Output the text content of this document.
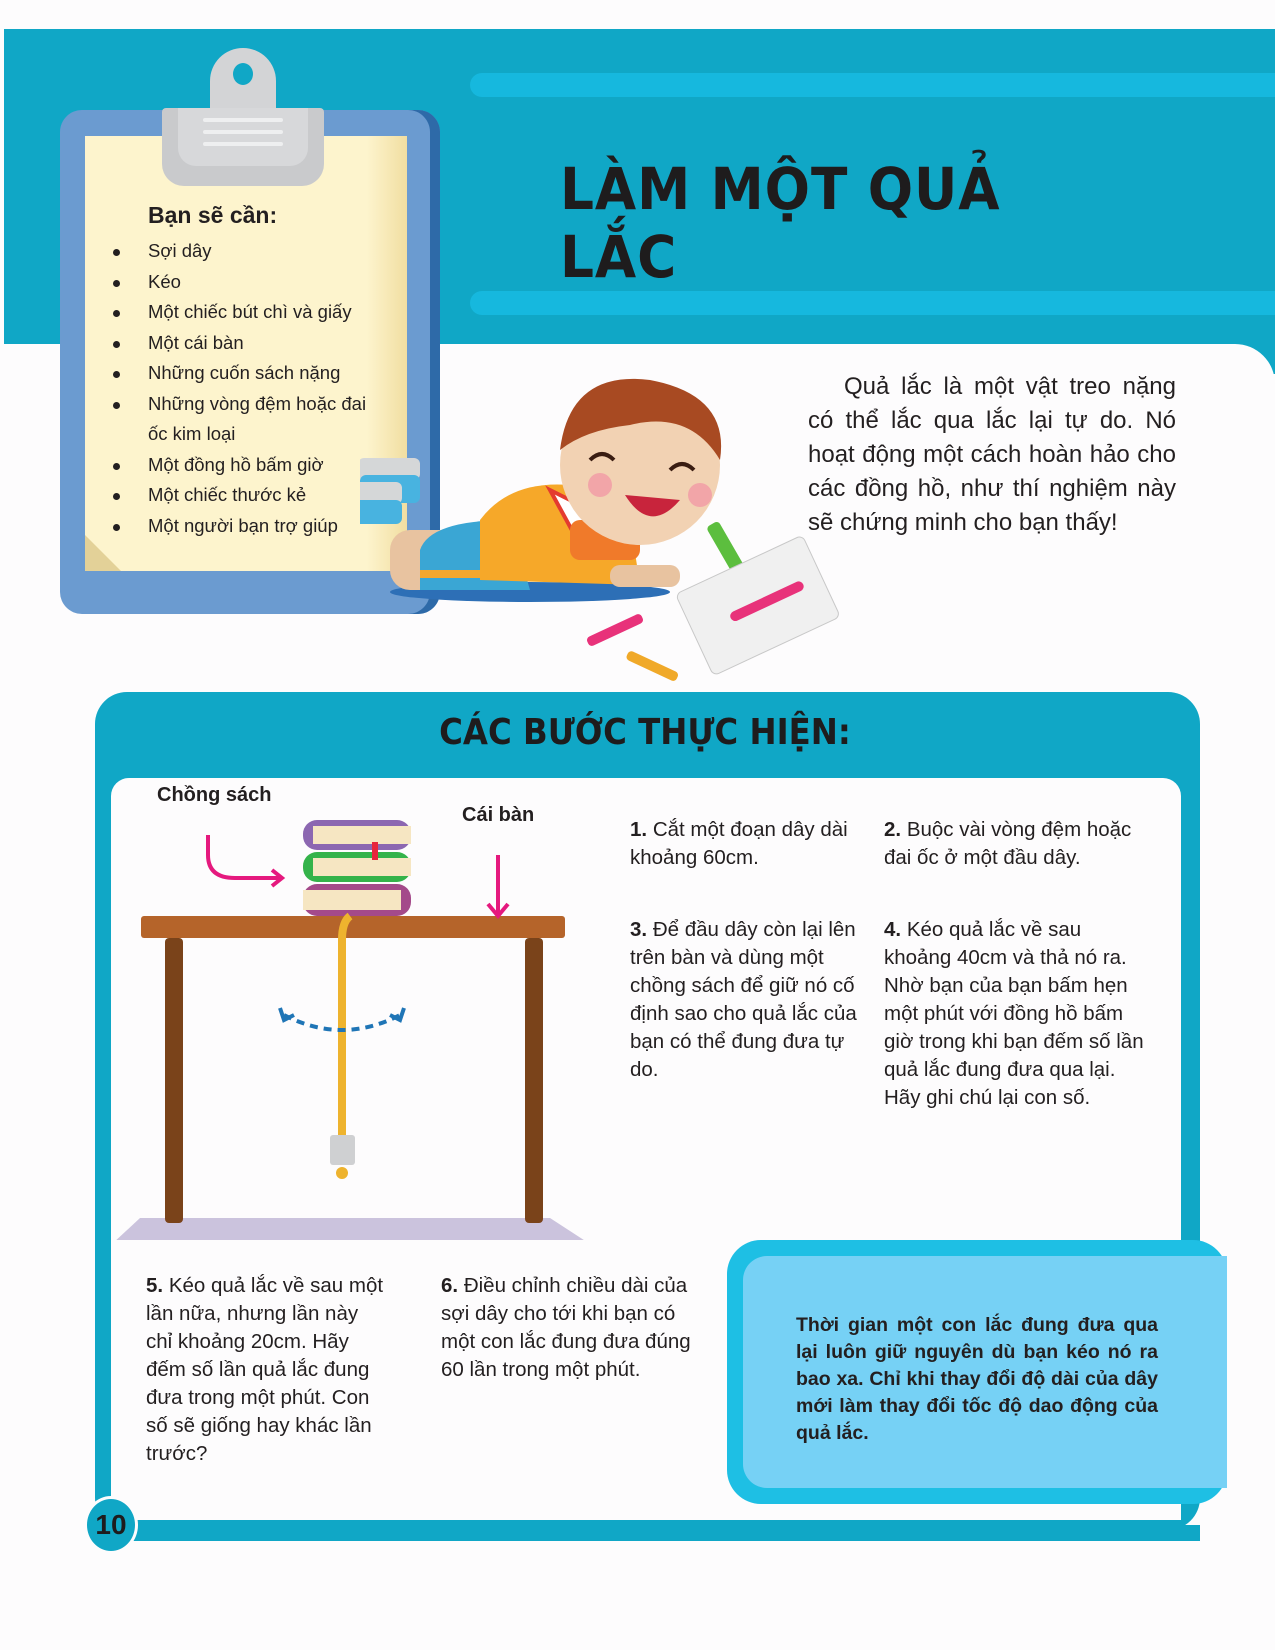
LÀM MỘT QUẢ LẮC
Bạn sẽ cần:
Sợi dây
Kéo
Một chiếc bút chì và giấy
Một cái bàn
Những cuốn sách nặng
Những vòng đệm hoặc đai ốc kim loại
Một đồng hồ bấm giờ
Một chiếc thước kẻ
Một người bạn trợ giúp

Quả lắc là một vật treo nặng có thể lắc qua lắc lại tự do. Nó hoạt động một cách hoàn hảo cho các đồng hồ, như thí nghiệm này sẽ chứng minh cho bạn thấy!

CÁC BƯỚC THỰC HIỆN:
Chồng sách
Cái bàn
1. Cắt một đoạn dây dài khoảng 60cm.
2. Buộc vài vòng đệm hoặc đai ốc ở một đầu dây.
3. Để đầu dây còn lại lên trên bàn và dùng một chồng sách để giữ nó cố định sao cho quả lắc của bạn có thể đung đưa tự do.
4. Kéo quả lắc về sau khoảng 40cm và thả nó ra. Nhờ bạn của bạn bấm hẹn một phút với đồng hồ bấm giờ trong khi bạn đếm số lần quả lắc đung đưa qua lại. Hãy ghi chú lại con số.
5. Kéo quả lắc về sau một lần nữa, nhưng lần này chỉ khoảng 20cm. Hãy đếm số lần quả lắc đung đưa trong một phút. Con số sẽ giống hay khác lần trước?
6. Điều chỉnh chiều dài của sợi dây cho tới khi bạn có một con lắc đung đưa đúng 60 lần trong một phút.

Thời gian một con lắc đung đưa qua lại luôn giữ nguyên dù bạn kéo nó ra bao xa. Chỉ khi thay đổi độ dài của dây mới làm thay đổi tốc độ dao động của quả lắc.

10
